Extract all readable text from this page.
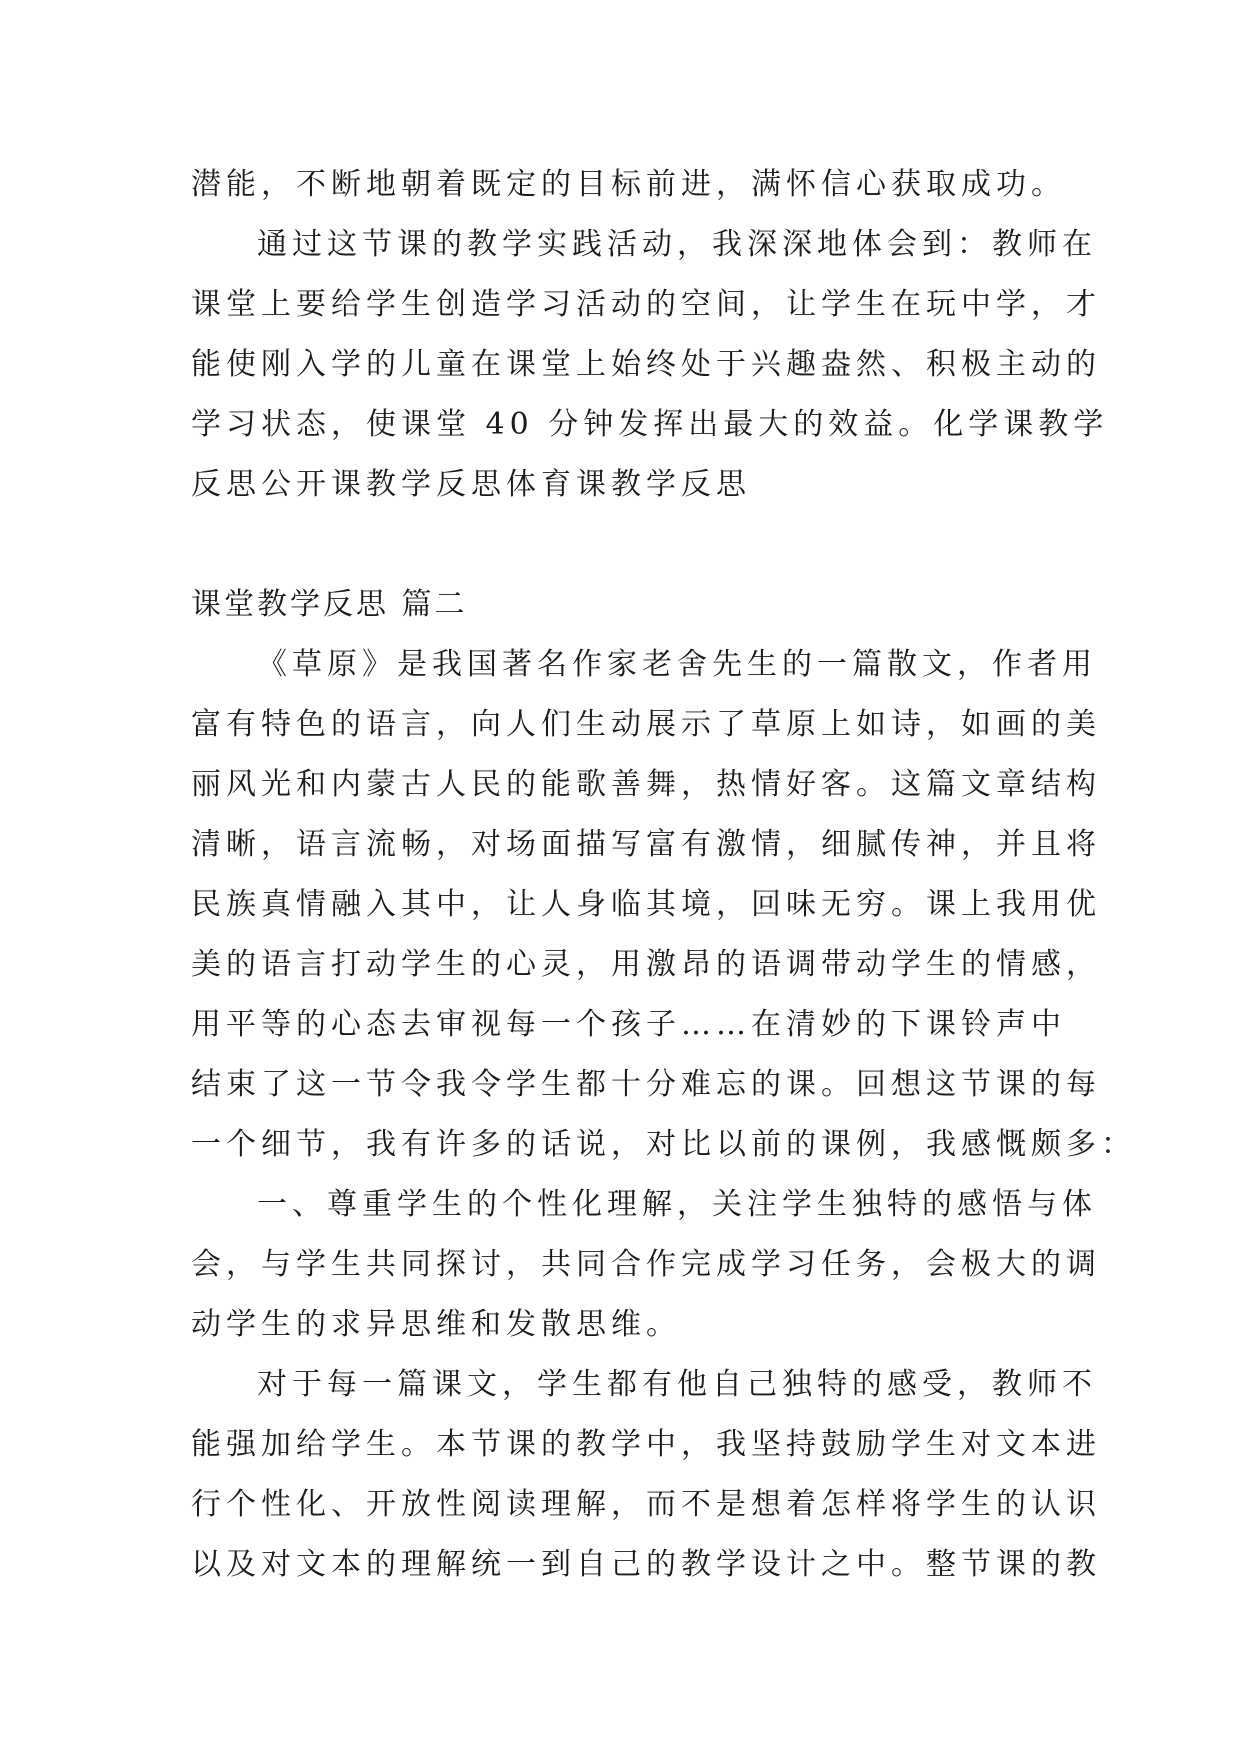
潜能，不断地朝着既定的目标前进，满怀信心获取成功。
通过这节课的教学实践活动，我深深地体会到：教师在
课堂上要给学生创造学习活动的空间，让学生在玩中学，才
能使刚入学的儿童在课堂上始终处于兴趣盎然、积极主动的
学习状态，使课堂 40 分钟发挥出最大的效益。化学课教学
反思公开课教学反思体育课教学反思
课堂教学反思 篇二
《草原》是我国著名作家老舍先生的一篇散文，作者用
富有特色的语言，向人们生动展示了草原上如诗，如画的美
丽风光和内蒙古人民的能歌善舞，热情好客。这篇文章结构
清晰，语言流畅，对场面描写富有激情，细腻传神，并且将
民族真情融入其中，让人身临其境，回味无穷。课上我用优
美的语言打动学生的心灵，用激昂的语调带动学生的情感，
用平等的心态去审视每一个孩子……在清妙的下课铃声中
结束了这一节令我令学生都十分难忘的课。回想这节课的每
一个细节，我有许多的话说，对比以前的课例，我感慨颇多：
一、尊重学生的个性化理解，关注学生独特的感悟与体
会，与学生共同探讨，共同合作完成学习任务，会极大的调
动学生的求异思维和发散思维。
对于每一篇课文，学生都有他自己独特的感受，教师不
能强加给学生。本节课的教学中，我坚持鼓励学生对文本进
行个性化、开放性阅读理解，而不是想着怎样将学生的认识
以及对文本的理解统一到自己的教学设计之中。整节课的教
